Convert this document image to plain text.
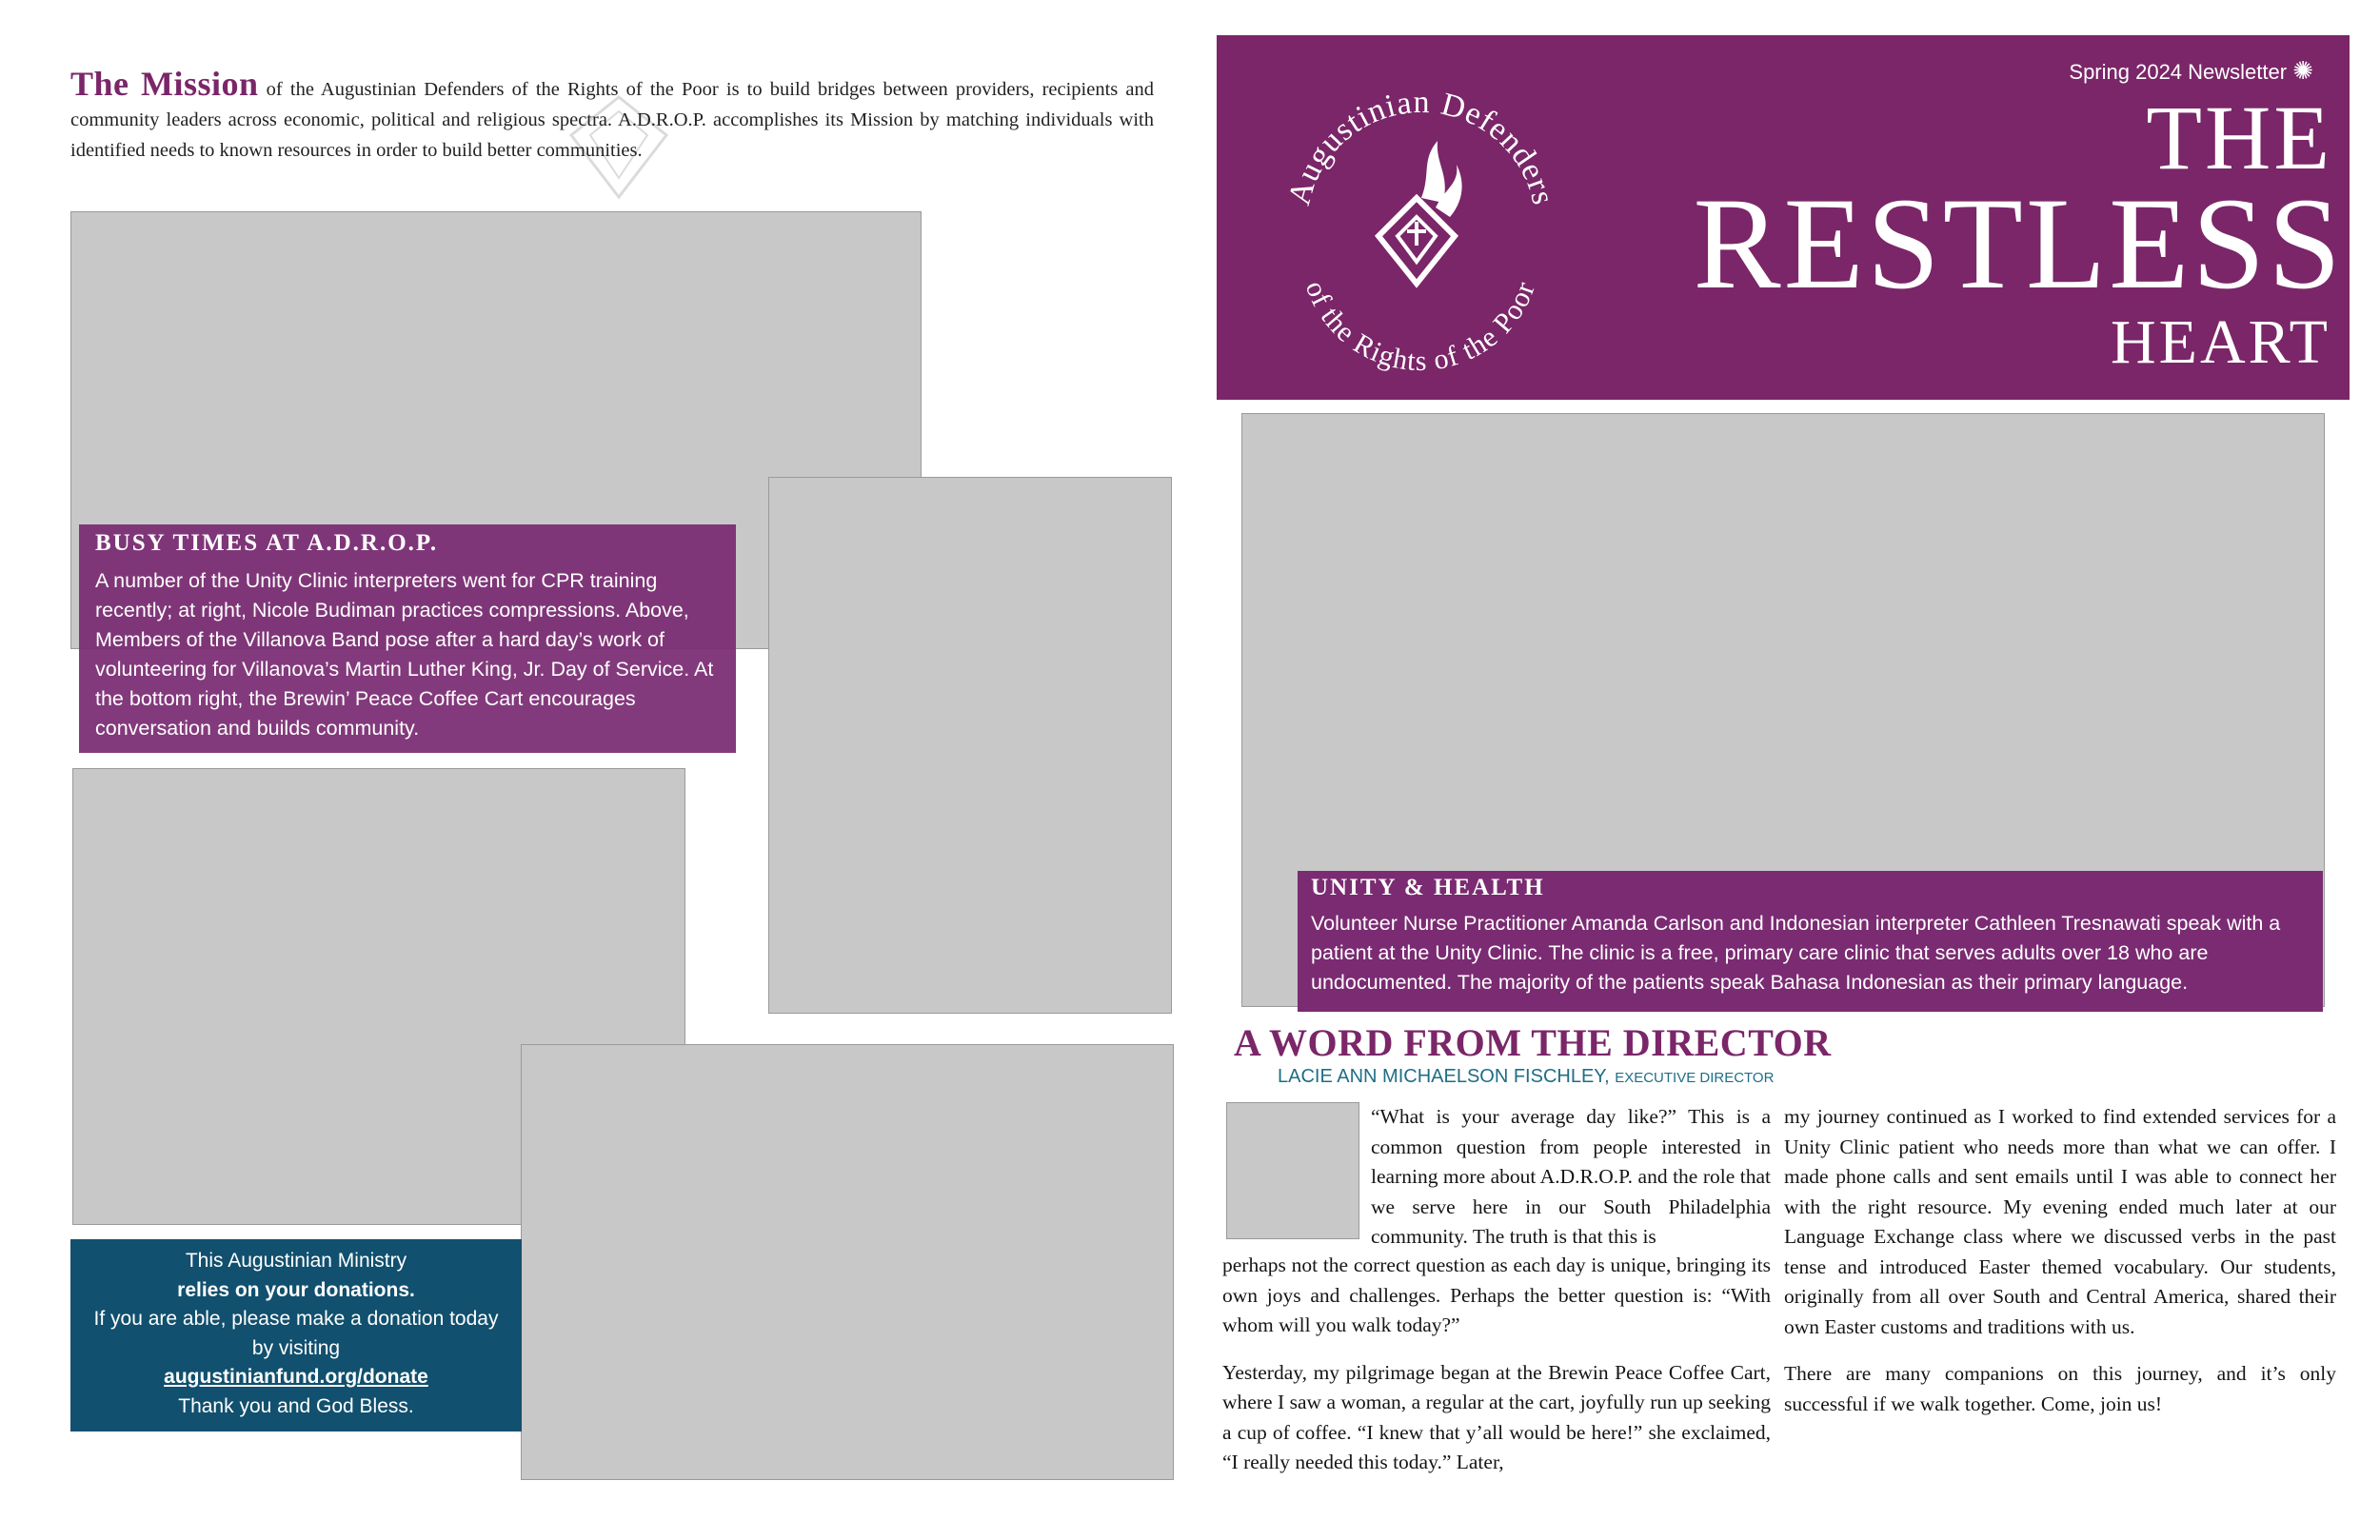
The Mission of the Augustinian Defenders of the Rights of the Poor is to build bridges between providers, recipients and community leaders across economic, political and religious spectra. A.D.R.O.P. accomplishes its Mission by matching individuals with identified needs to known resources in order to build better communities.
BUSY TIMES AT A.D.R.O.P.
A number of the Unity Clinic interpreters went for CPR training recently; at right, Nicole Budiman practices compressions. Above, Members of the Villanova Band pose after a hard day’s work of volunteering for Villanova’s Martin Luther King, Jr. Day of Service. At the bottom right, the Brewin’ Peace Coffee Cart encourages conversation and builds community.
This Augustinian Ministry
relies on your donations.
If you are able, please make a donation today
by visiting
augustinianfund.org/donate
Thank you and God Bless.
Augustinian Defenders
of the Rights of the Poor
Spring 2024 Newsletter ✺
THE
RESTLESS
HEART
UNITY & HEALTH
Volunteer Nurse Practitioner Amanda Carlson and Indonesian interpreter Cathleen Tresnawati speak with a patient at the Unity Clinic. The clinic is a free, primary care clinic that serves adults over 18 who are undocumented. The majority of the patients speak Bahasa Indonesian as their primary language.
A WORD FROM THE DIRECTOR
LACIE ANN MICHAELSON FISCHLEY, EXECUTIVE DIRECTOR

“What is your average day like?” This is a common question from people interested in learning more about A.D.R.O.P. and the role that we serve here in our South Philadelphia community. The truth is that this is

perhaps not the correct question as each day is unique, bringing its own joys and challenges. Perhaps the better question is: “With whom will you walk today?”

Yesterday, my pilgrimage began at the Brewin Peace Coffee Cart, where I saw a woman, a regular at the cart, joyfully run up seeking a cup of coffee. “I knew that y’all would be here!” she exclaimed, “I really needed this today.” Later,

my journey continued as I worked to find extended services for a Unity Clinic patient who needs more than what we can offer. I made phone calls and sent emails until I was able to connect her with the right resource. My evening ended much later at our Language Exchange class where we discussed verbs in the past tense and introduced Easter themed vocabulary. Our students, originally from all over South and Central America, shared their own Easter customs and traditions with us.

There are many companions on this journey, and it’s only successful if we walk together. Come, join us!
